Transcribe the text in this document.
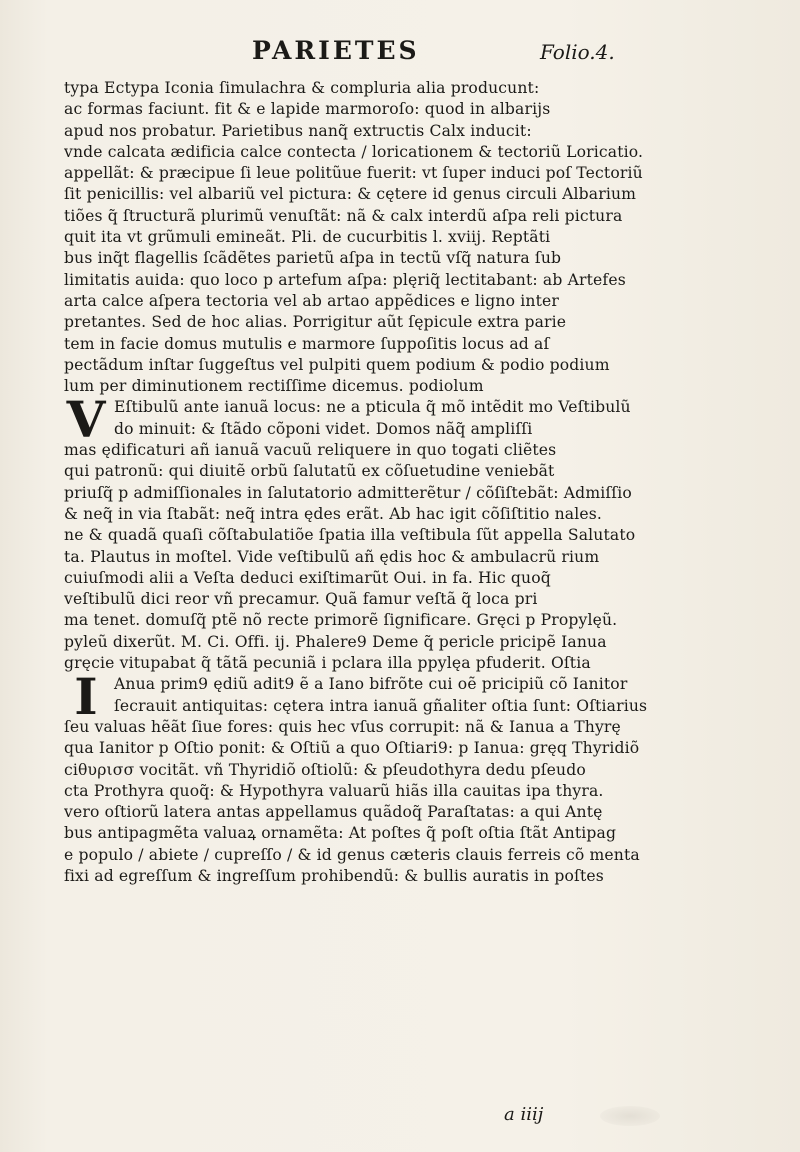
PARIETES	Folio.4.
typa Ectypa Iconia ſimulachra & compluria alia producunt:
ac formas faciunt. fit & e lapide marmoroſo: quod in albarijs
apud nos probatur. Parietibus nanq̃ extructis Calx inducit:
vnde calcata ædificia calce contecta / loricationem & tectoriũ Loricatio.
appellãt: & præcipue ſi leue politũue fuerit: vt ſuper induci poſ Tectoriũ
ſit penicillis: vel albariũ vel pictura: & cętere id genus circuli Albarium
tiões q̃ ſtructurã plurimũ venuſtãt: nã & calx interdũ aſpa reli pictura
quit ita vt grũmuli emineãt. Pli. de cucurbitis l. xviij. Reptãti
bus inq̃t flagellis ſcãdẽtes parietũ aſpa in tectũ vſq̃ natura ſub
limitatis auida: quo loco p artefum aſpa: plęriq̃ lectitabant: ab Artefes
arta calce aſpera tectoria vel ab artao appẽdices e ligno inter
pretantes. Sed de hoc alias. Porrigitur aũt ſępicule extra parie
tem in facie domus mutulis e marmore ſuppoſitis locus ad aſ
pectãdum inſtar ſuggeſtus vel pulpiti quem podium & podio podium
lum per diminutionem rectiſſime dicemus. podiolum
V Eſtibulũ ante ianuã locus: ne a pticula q̃ mõ intẽdit mo Veſtibulũ
do minuit: & ſtãdo cõponi videt. Domos nãq̃ ampliſſi
mas ędificaturi añ ianuã vacuũ reliquere in quo togati cliẽtes
qui patronũ: qui diuitẽ orbũ ſalutatũ ex cõſuetudine veniebãt
priuſq̃ p admiſſionales in ſalutatorio admitterẽtur / cõſiſtebãt: Admiſſio
& neq̃ in via ſtabãt: neq̃ intra ędes erãt. Ab hac igit cõſiſtitio nales.
ne & quadã quaſi cõſtabulatiõe ſpatia illa veſtibula ſũt appella Salutato
ta. Plautus in moſtel. Vide veſtibulũ añ ędis hoc & ambulacrũ rium
cuiuſmodi alii a Veſta deduci exiſtimarũt Oui. in fa. Hic quoq̃
veſtibulũ dici reor vñ precamur. Quã famur veſtã q̃ loca pri
ma tenet. domuſq̃ ptẽ nõ recte primorẽ ſignificare. Gręci p Propylęũ.
pyleũ dixerũt. M. Ci. Offi. ij. Phalere9 Deme q̃ pericle pricipẽ Ianua
gręcie vitupabat q̃ tãtã pecuniã i pclara illa ppylęa pfuderit. Oſtia
I	Anua prim9 ędiũ adit9 ẽ a Iano bifrõte cui oẽ pricipiũ cõ Ianitor
ſecrauit antiquitas: cętera intra ianuã gñaliter oſtia ſunt: Oſtiarius
ſeu valuas hẽãt ſiue fores: quis hec vſus corrupit: nã & Ianua a Thyrę
qua Ianitor p Oſtio ponit: & Oſtiũ a quo Oſtiari9: p Ianua: gręq Thyridiõ
ciθυρισσ vocitãt. vñ Thyridiõ oſtiolũ: & pſeudothyra dedu pſeudo
cta Prothyra quoq̃: & Hypothyra valuarũ hiãs illa cauitas ipa thyra.
vero oſtiorũ latera antas appellamus quãdoq̃ Paraſtatas: a qui Antę
bus antipagmẽta valuaꝝ ornamẽta: At poſtes q̃ poſt oſtia ſtãt Antipag
e populo / abiete / cupreſſo / & id genus cæteris clauis ferreis cõ menta
fixi ad egreſſum & ingreſſum prohibendũ: & bullis auratis in poſtes
a iiij
